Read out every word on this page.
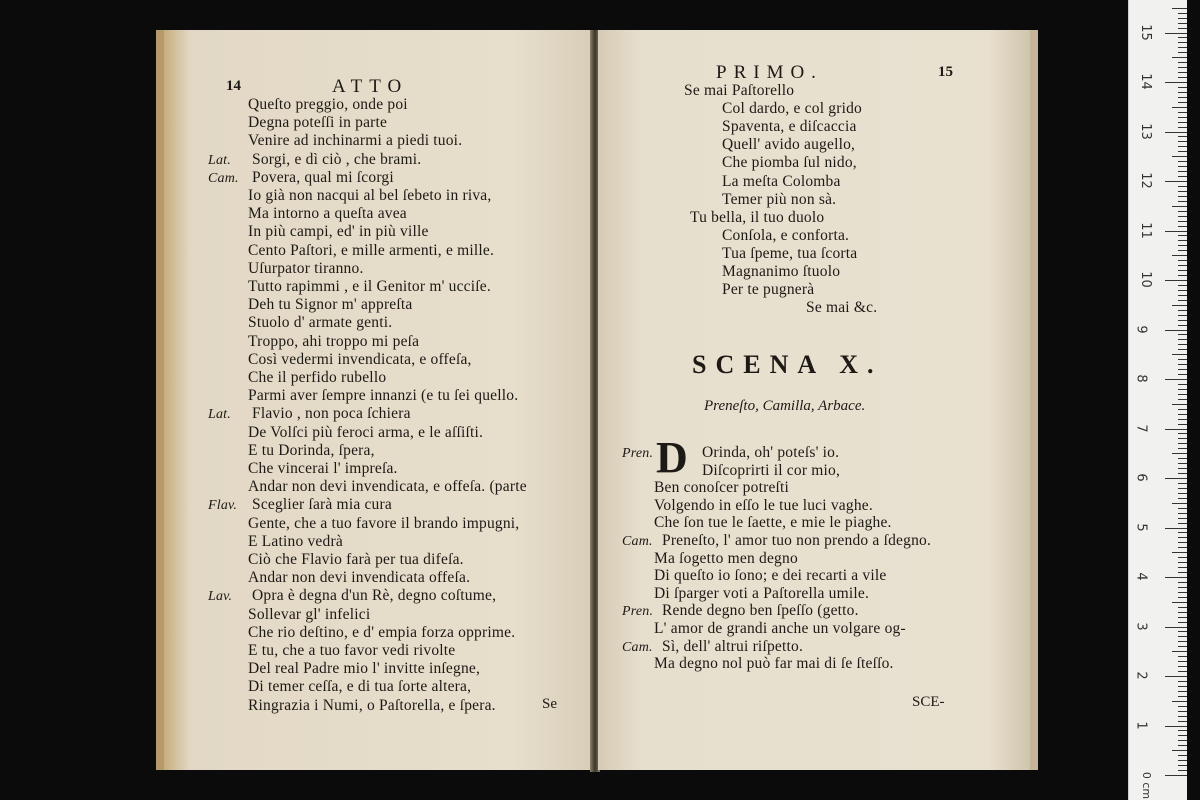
14	ATTO
Queſto preggio, onde poi
Degna poteſſi in parte
Venire ad inchinarmi a piedi tuoi.
Lat. Sorgi, e dì ciò , che brami.
Cam. Povera, qual mi ſcorgi
Io già non nacqui al bel ſebeto in riva,
Ma intorno a queſta avea
In più campi, ed' in più ville
Cento Paſtori, e mille armenti, e mille.
Uſurpator tiranno.
Tutto rapimmi , e il Genitor m' ucciſe.
Deh tu Signor m' appreſta
Stuolo d' armate genti.
Troppo, ahi troppo mi peſa
Così vedermi invendicata, e offeſa,
Che il perfido rubello
Parmi aver ſempre innanzi (e tu ſei quello.
Lat. Flavio , non poca ſchiera
De Volſci più feroci arma, e le aſſiſti.
E tu Dorinda, ſpera,
Che vincerai l' impreſa.
Andar non devi invendicata, e offeſa. (parte
Flav. Sceglier ſarà mia cura
Gente, che a tuo favore il brando impugni,
E Latino vedrà
Ciò che Flavio farà per tua difeſa.
Andar non devi invendicata offeſa.
Lav. Opra è degna d'un Rè, degno coſtume,
Sollevar gl' infelici
Che rio deſtino, e d' empia forza opprime.
E tu, che a tuo favor vedi rivolte
Del real Padre mio l' invitte inſegne,
Di temer ceſſa, e di tua ſorte altera,
Ringrazia i Numi, o Paſtorella, e ſpera.	Se
PRIMO.	15
Se mai Paſtorello
Col dardo, e col grido
Spaventa, e diſcaccia
Quell' avido augello,
Che piomba ſul nido,
La meſta Colomba
Temer più non sà.
Tu bella, il tuo duolo
Conſola, e conforta.
Tua ſpeme, tua ſcorta
Magnanimo ſtuolo
Per te pugnerà
Se mai &c.
SCENA X.
Preneſto, Camilla, Arbace.
D
Pren.	Orinda, oh' poteſs' io.
Diſcoprirti il cor mio,
Ben conoſcer potreſti
Volgendo in eſſo le tue luci vaghe.
Che ſon tue le ſaette, e mie le piaghe.
Cam. Preneſto, l' amor tuo non prendo a ſdegno.
Ma ſogetto men degno
Di queſto io ſono; e dei recarti a vile
Di ſparger voti a Paſtorella umile.
Pren. Rende degno ben ſpeſſo (getto.
L' amor de grandi anche un volgare og-
Cam. Sì, dell' altrui riſpetto.
Ma degno nol può far mai di ſe ſteſſo.
SCE-
1
2
3
4
5
6
7
8
9
10
11
12
13
14
15
0 cm
